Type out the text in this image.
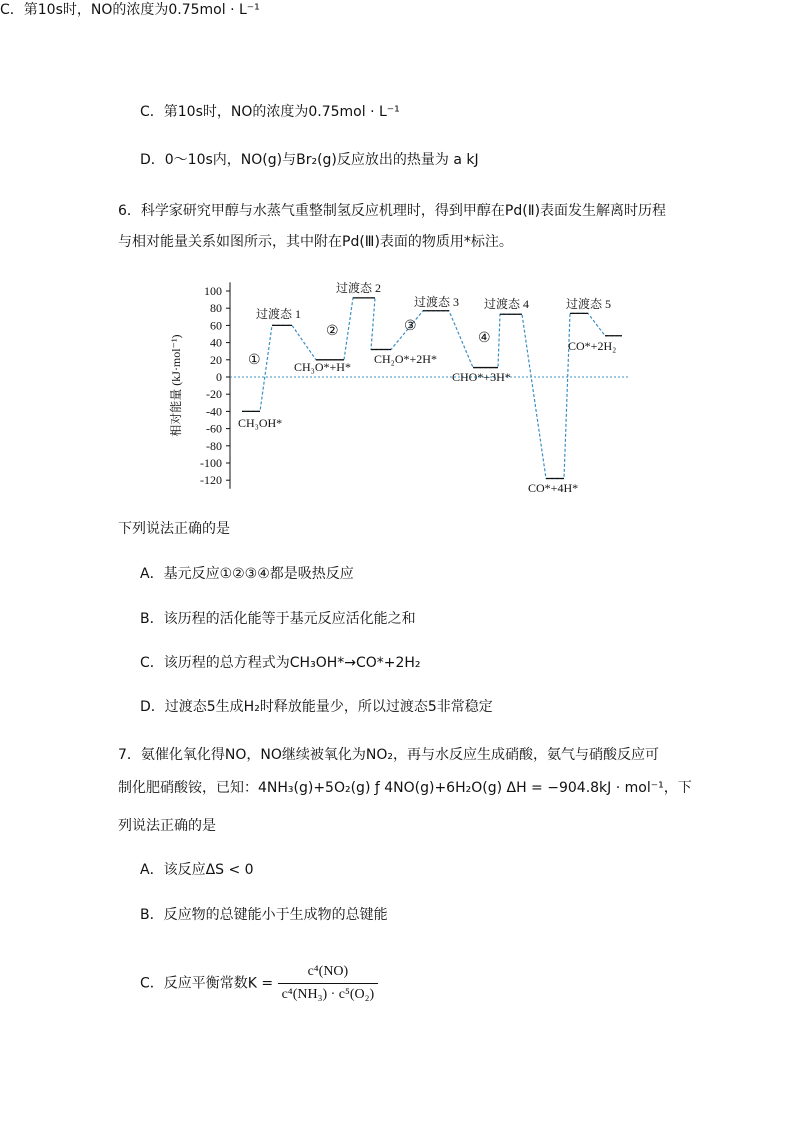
C．第10s时，NO的浓度为0.75mol · L⁻¹
C．第10s时，NO的浓度为0.75mol · L⁻¹
D．0～10s内，NO(g)与Br₂(g)反应放出的热量为 a kJ
6．科学家研究甲醇与水蒸气重整制氢反应机理时，得到甲醇在Pd(Ⅱ)表面发生解离时历程
与相对能量关系如图所示，其中附在Pd(Ⅲ)表面的物质用*标注。
100
80
60
40
20
0
-20
-40
-60
-80
-100
-120
相对能量 (kJ·mol⁻¹)	CH₃OH*
过渡态 1
CH₃O*+H*
过渡态 2
CH₂O*+2H*
过渡态 3
CHO*+3H*
过渡态 4
CO*+4H*
过渡态 5
CO*+2H₂
①
②	③
④
下列说法正确的是
A．基元反应①②③④都是吸热反应
B．该历程的活化能等于基元反应活化能之和
C．该历程的总方程式为CH₃OH*→CO*+2H₂
D．过渡态5生成H₂时释放能量少，所以过渡态5非常稳定
7．氨催化氧化得NO，NO继续被氧化为NO₂，再与水反应生成硝酸，氨气与硝酸反应可
制化肥硝酸铵，已知：4NH₃(g)+5O₂(g) ƒ 4NO(g)+6H₂O(g) ΔH = −904.8kJ · mol⁻¹，下
列说法正确的是
A．该反应ΔS < 0
B．反应物的总键能小于生成物的总键能
C．反应平衡常数$K = \frac{\text{c⁴(NO)}}{\text{c⁴(NH₃) · c⁵(O₂)}}$
